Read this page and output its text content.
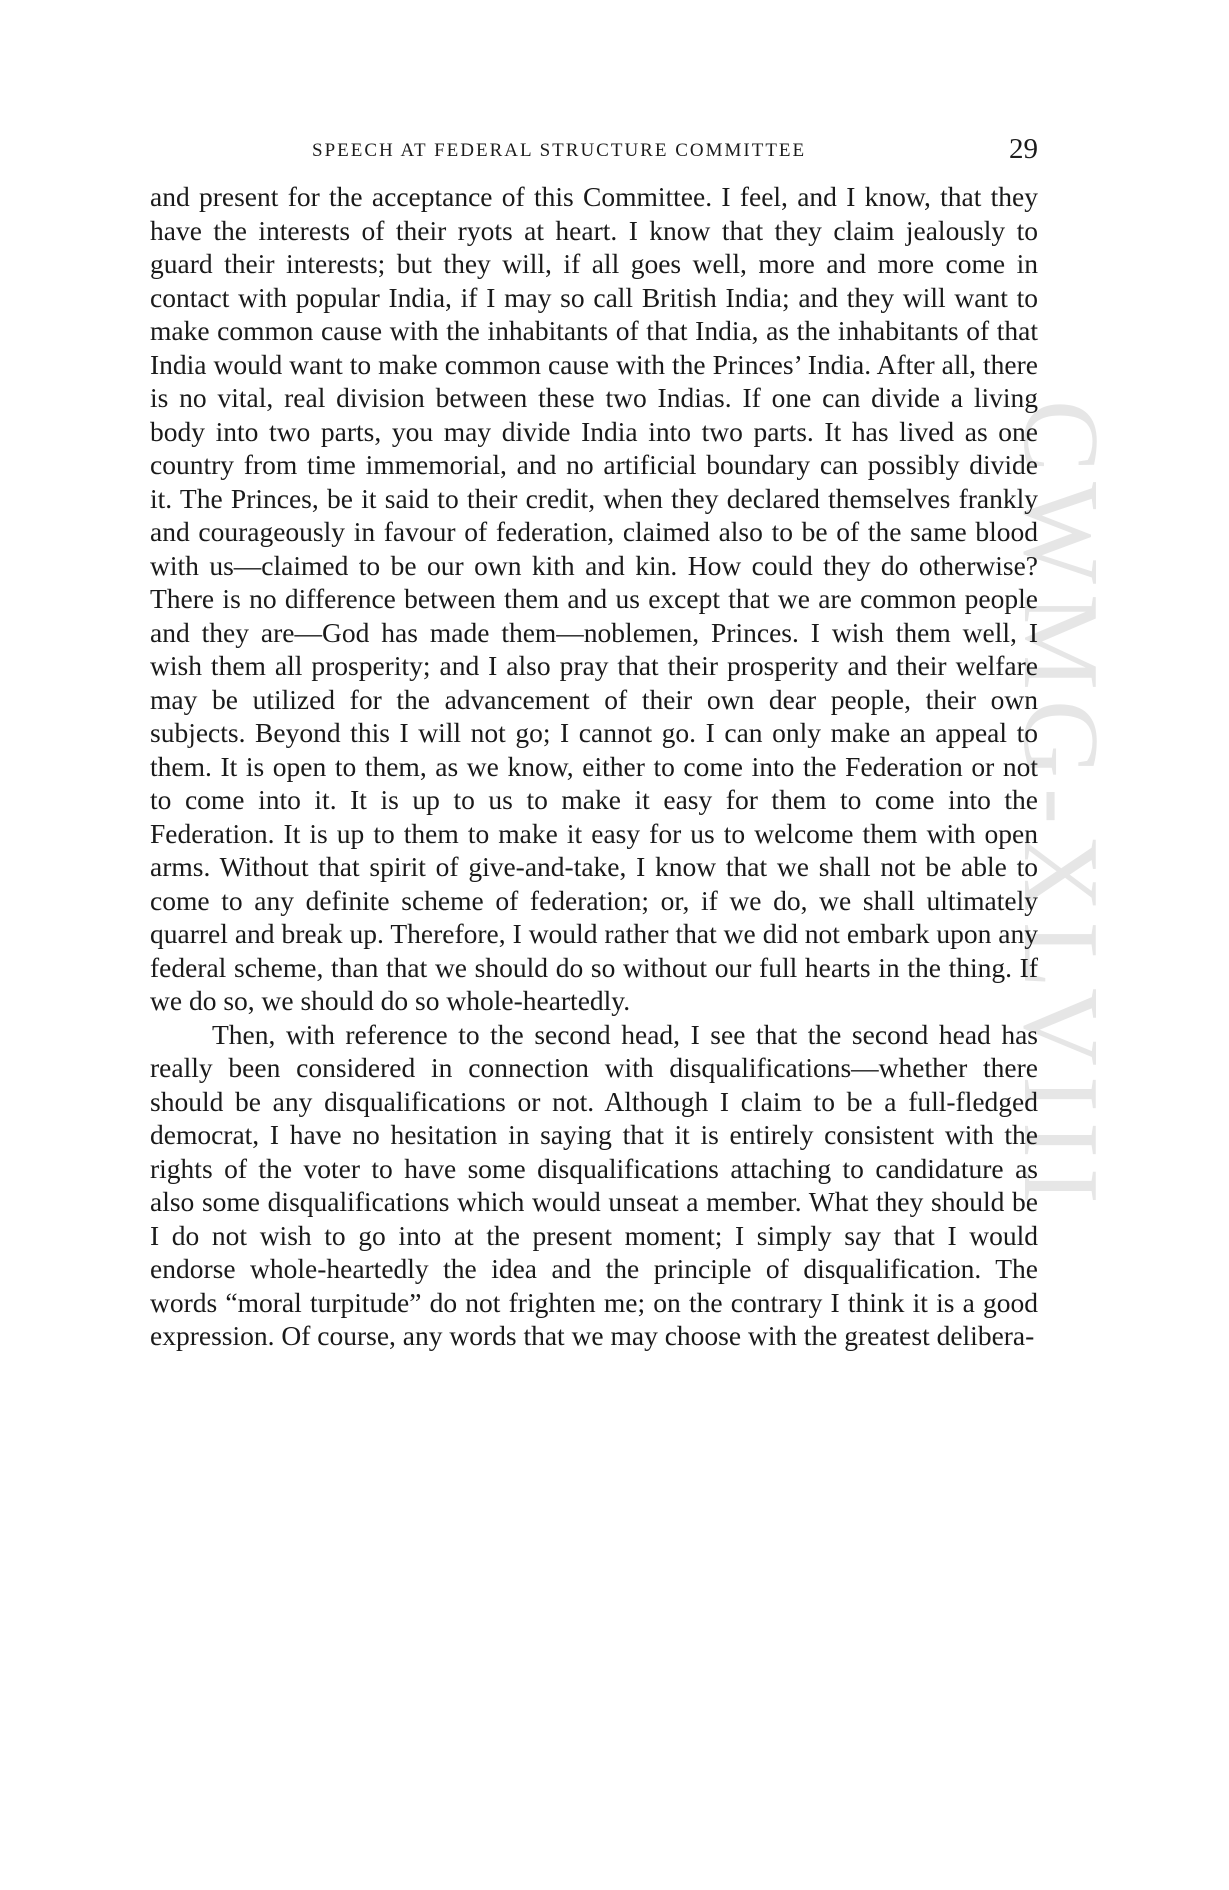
CWMG-XLVIII
SPEECH AT FEDERAL STRUCTURE COMMITTEE	29

and present for the acceptance of this Committee. I feel, and I know, that they have the interests of their ryots at heart. I know that they claim jealously to guard their interests; but they will, if all goes well, more and more come in contact with popular India, if I may so call British India; and they will want to make common cause with the inhabitants of that India, as the inhabitants of that India would want to make common cause with the Princes’ India. After all, there is no vital, real division between these two Indias. If one can divide a living body into two parts, you may divide India into two parts. It has lived as one country from time immemorial, and no artificial boundary can possibly divide it. The Princes, be it said to their credit, when they declared themselves frankly and courageously in favour of federation, claimed also to be of the same blood with us—claimed to be our own kith and kin. How could they do otherwise? There is no difference between them and us except that we are common people and they are—God has made them—noblemen, Princes. I wish them well, I wish them all prosperity; and I also pray that their prosperity and their welfare may be utilized for the advancement of their own dear people, their own subjects. Beyond this I will not go; I cannot go. I can only make an appeal to them. It is open to them, as we know, either to come into the Federation or not to come into it. It is up to us to make it easy for them to come into the Federation. It is up to them to make it easy for us to welcome them with open arms. Without that spirit of give-and-take, I know that we shall not be able to come to any definite scheme of federation; or, if we do, we shall ultimately quarrel and break up. Therefore, I would rather that we did not embark upon any federal scheme, than that we should do so without our full hearts in the thing. If we do so, we should do so whole-heartedly.

Then, with reference to the second head, I see that the second head has really been considered in connection with disqualifications—whether there should be any disqualifications or not. Although I claim to be a full-fledged democrat, I have no hesitation in saying that it is entirely consistent with the rights of the voter to have some disqualifications attaching to candidature as also some disqualifications which would unseat a member. What they should be I do not wish to go into at the present moment; I simply say that I would endorse whole-heartedly the idea and the principle of disqualification. The words “moral turpitude” do not frighten me; on the contrary I think it is a good expression. Of course, any words that we may choose with the greatest delibera-
